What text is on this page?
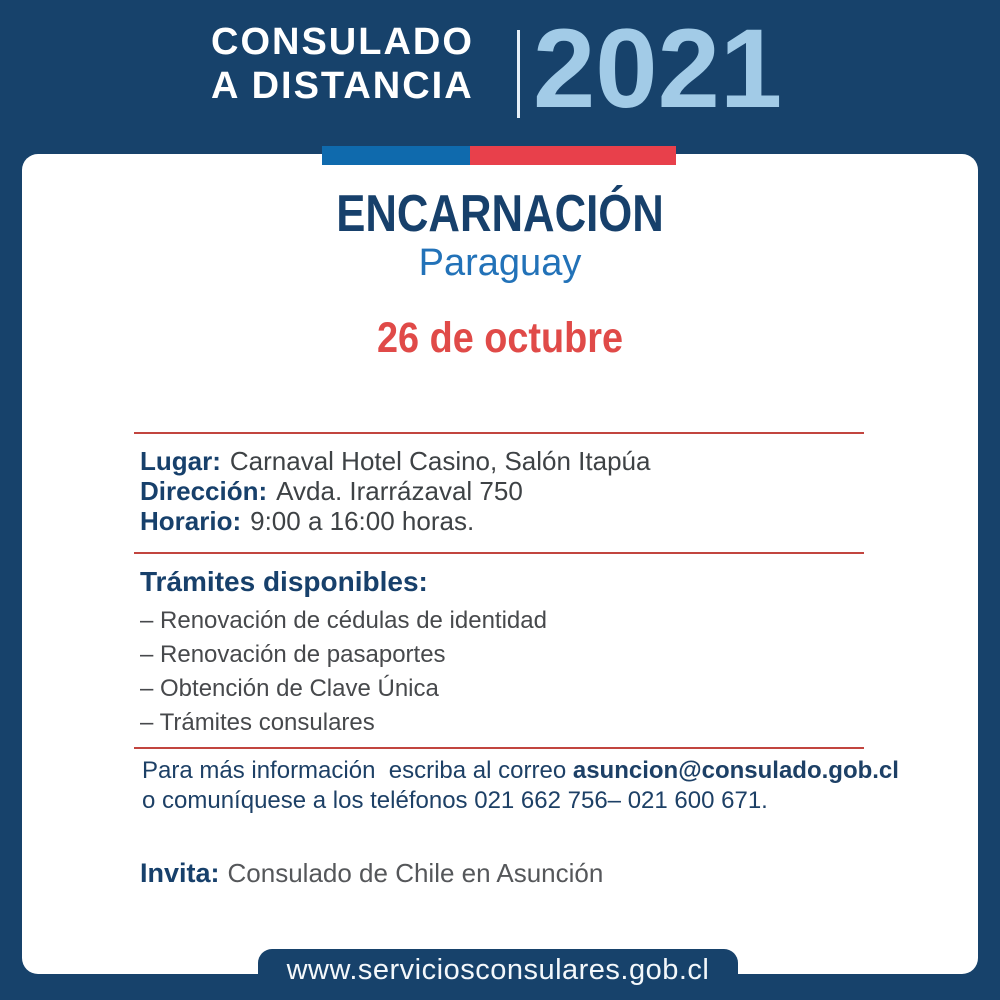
CONSULADO
A DISTANCIA 2021
ENCARNACIÓN
Paraguay
26 de octubre
Lugar: Carnaval Hotel Casino, Salón Itapúa
Dirección: Avda. Irarrázaval 750
Horario: 9:00 a 16:00 horas.
Trámites disponibles:
– Renovación de cédulas de identidad
– Renovación de pasaportes
– Obtención de Clave Única
– Trámites consulares
Para más información  escriba al correo asuncion@consulado.gob.cl
o comuníquese a los teléfonos 021 662 756– 021 600 671.
Invita: Consulado de Chile en Asunción
www.serviciosconsulares.gob.cl
